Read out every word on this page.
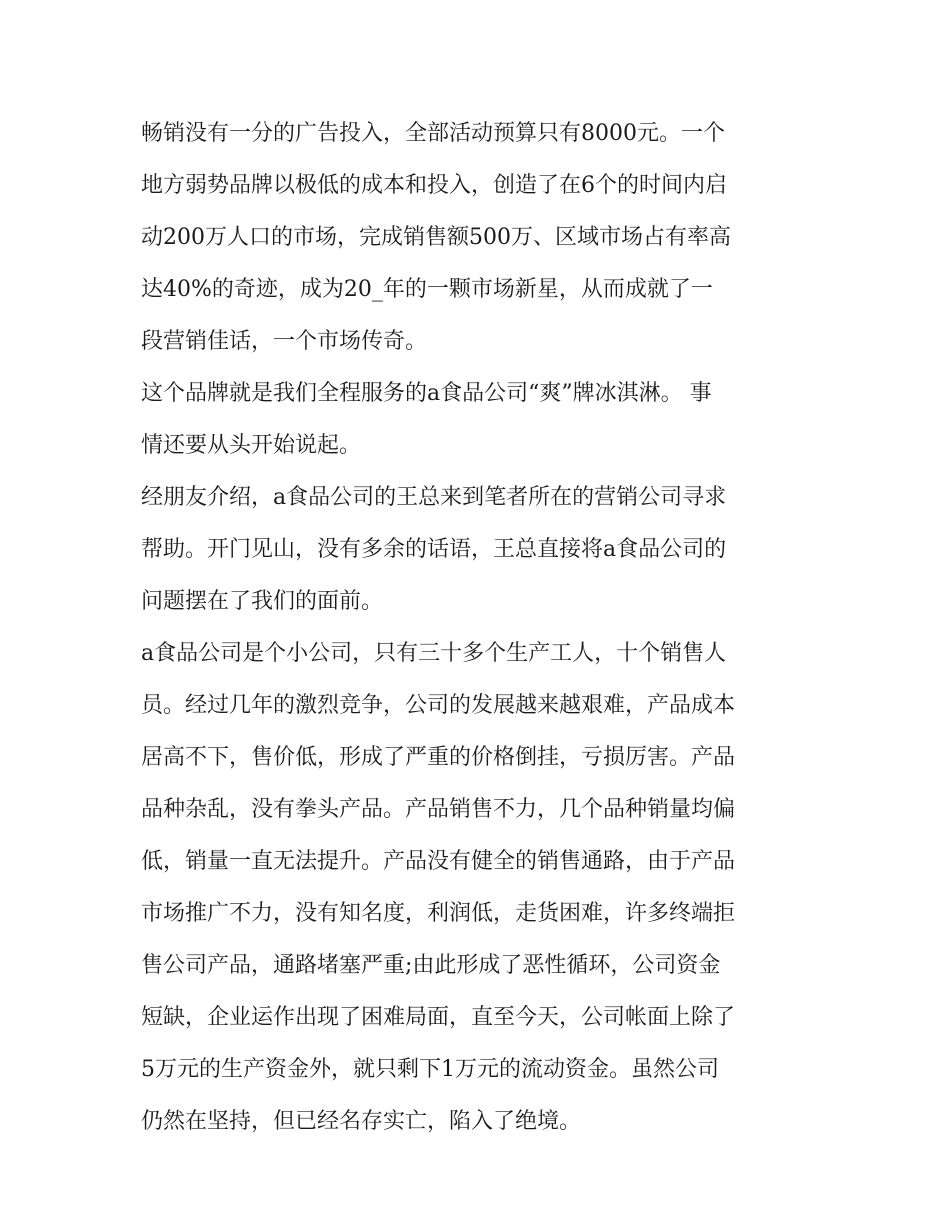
畅销没有一分的广告投入，全部活动预算只有8000元。一个
地方弱势品牌以极低的成本和投入，创造了在6个的时间内启
动200万人口的市场，完成销售额500万、区域市场占有率高
达40%的奇迹，成为20_年的一颗市场新星，从而成就了一
段营销佳话，一个市场传奇。
这个品牌就是我们全程服务的a食品公司“爽”牌冰淇淋。 事
情还要从头开始说起。
经朋友介绍，a食品公司的王总来到笔者所在的营销公司寻求
帮助。开门见山，没有多余的话语，王总直接将a食品公司的
问题摆在了我们的面前。
a食品公司是个小公司，只有三十多个生产工人，十个销售人
员。经过几年的激烈竞争，公司的发展越来越艰难，产品成本
居高不下，售价低，形成了严重的价格倒挂，亏损厉害。产品
品种杂乱，没有拳头产品。产品销售不力，几个品种销量均偏
低，销量一直无法提升。产品没有健全的销售通路，由于产品
市场推广不力，没有知名度，利润低，走货困难，许多终端拒
售公司产品，通路堵塞严重;由此形成了恶性循环，公司资金
短缺，企业运作出现了困难局面，直至今天，公司帐面上除了
5万元的生产资金外，就只剩下1万元的流动资金。虽然公司
仍然在坚持，但已经名存实亡，陷入了绝境。
